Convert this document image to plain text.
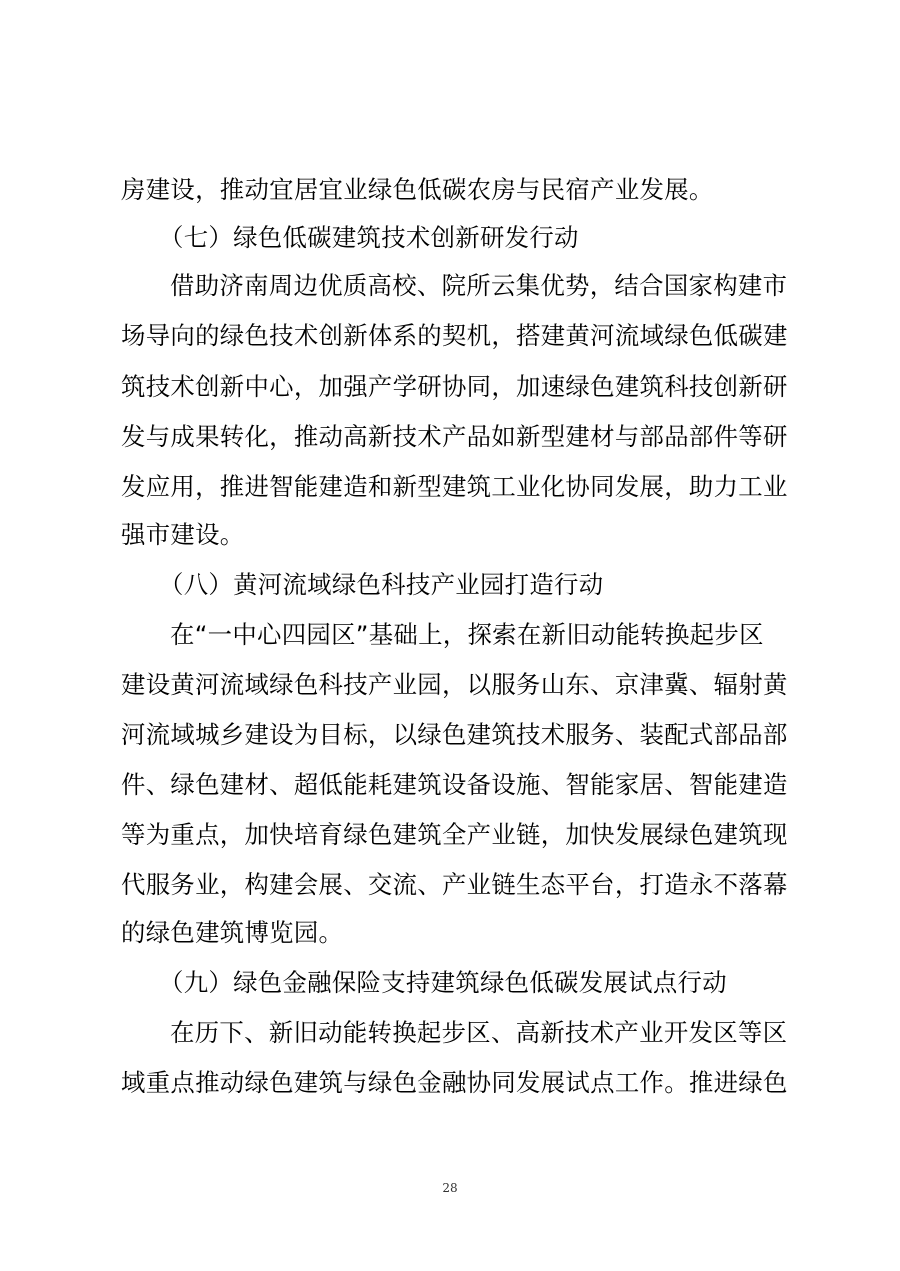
房建设，推动宜居宜业绿色低碳农房与民宿产业发展。
（七）绿色低碳建筑技术创新研发行动
借助济南周边优质高校、院所云集优势，结合国家构建市
场导向的绿色技术创新体系的契机，搭建黄河流域绿色低碳建
筑技术创新中心，加强产学研协同，加速绿色建筑科技创新研
发与成果转化，推动高新技术产品如新型建材与部品部件等研
发应用，推进智能建造和新型建筑工业化协同发展，助力工业
强市建设。
（八）黄河流域绿色科技产业园打造行动
在“一中心四园区”基础上，探索在新旧动能转换起步区
建设黄河流域绿色科技产业园，以服务山东、京津冀、辐射黄
河流域城乡建设为目标，以绿色建筑技术服务、装配式部品部
件、绿色建材、超低能耗建筑设备设施、智能家居、智能建造
等为重点，加快培育绿色建筑全产业链，加快发展绿色建筑现
代服务业，构建会展、交流、产业链生态平台，打造永不落幕
的绿色建筑博览园。
（九）绿色金融保险支持建筑绿色低碳发展试点行动
在历下、新旧动能转换起步区、高新技术产业开发区等区
域重点推动绿色建筑与绿色金融协同发展试点工作。推进绿色
28
